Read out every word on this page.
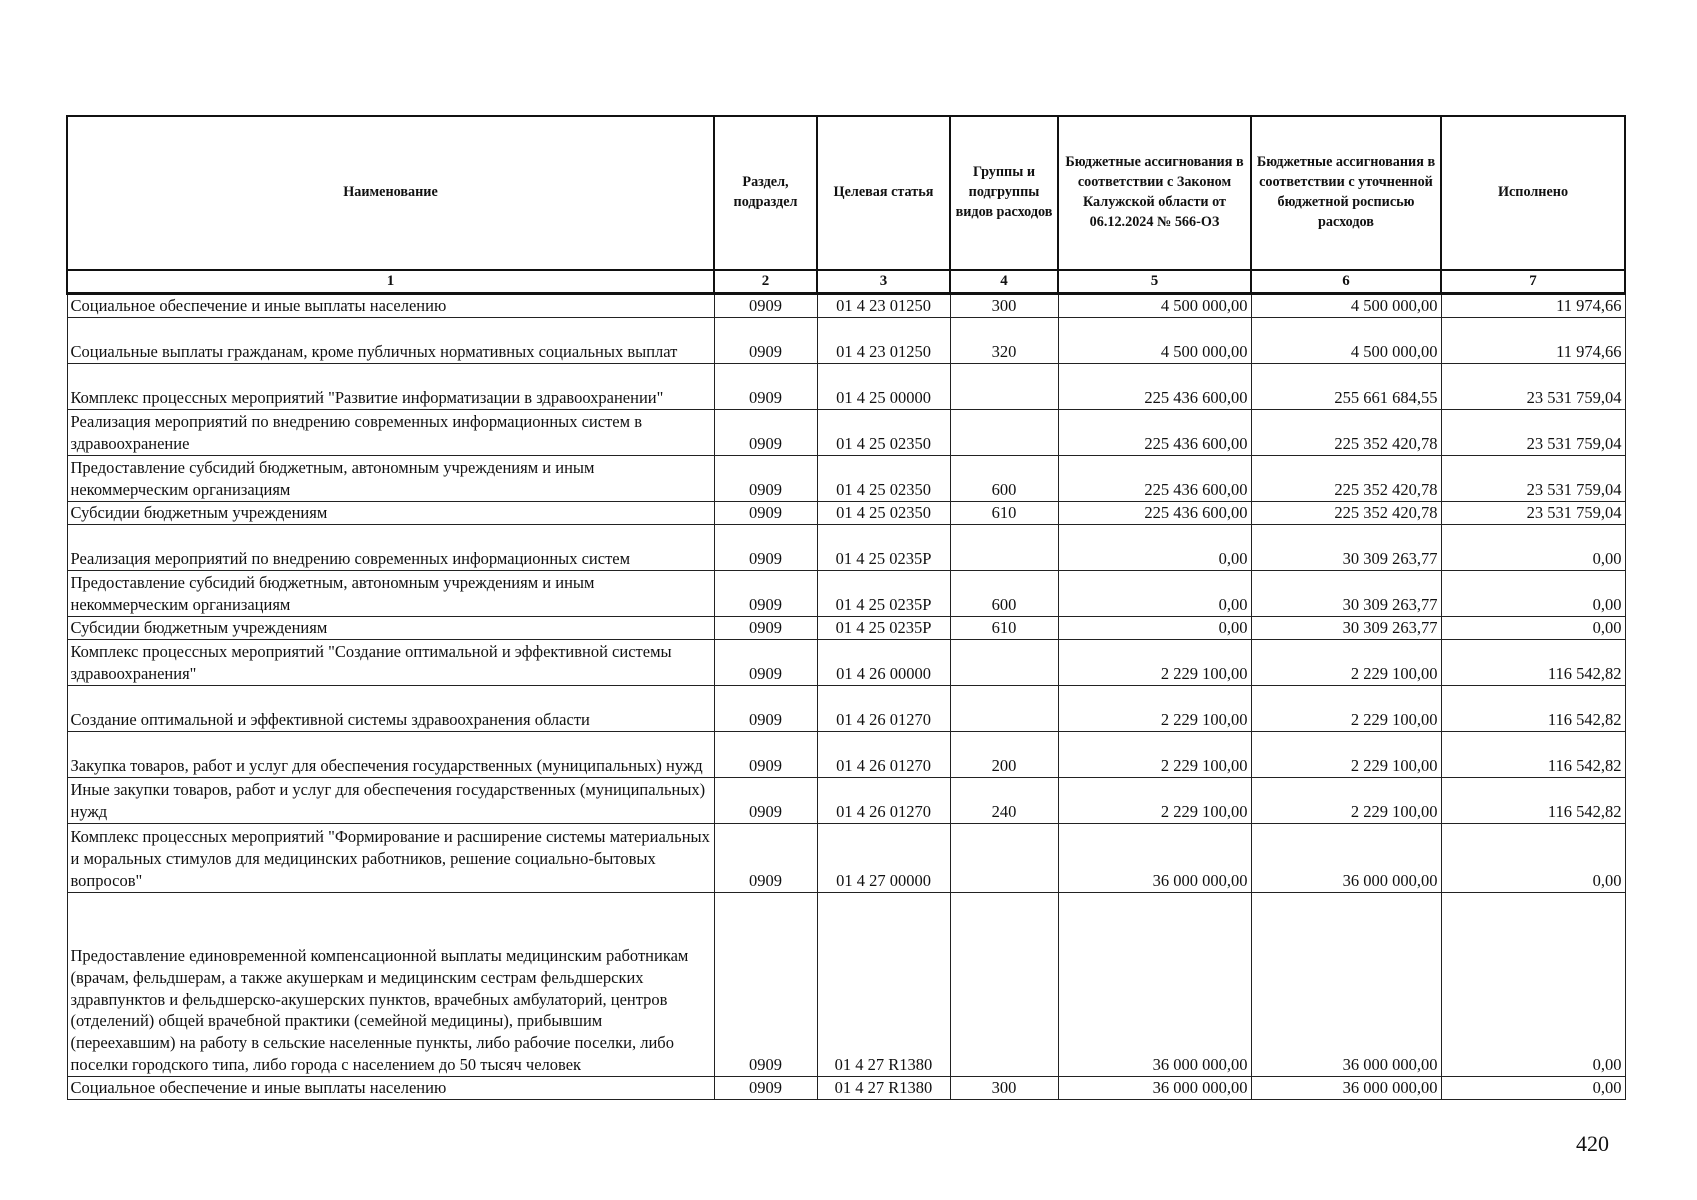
Наименование	Раздел, подраздел	Целевая статья	Группы и подгруппы видов расходов	Бюджетные ассигнования в соответствии с Законом Калужской области от 06.12.2024 № 566-ОЗ	Бюджетные ассигнования в соответствии с уточненной бюджетной росписью расходов	Исполнено
1	2	3	4	5	6	7
Социальное обеспечение и иные выплаты населению	0909	01 4 23 01250	300	4 500 000,00	4 500 000,00	11 974,66
Социальные выплаты гражданам, кроме публичных нормативных социальных выплат	0909	01 4 23 01250	320	4 500 000,00	4 500 000,00	11 974,66
Комплекс процессных мероприятий "Развитие информатизации в здравоохранении"	0909	01 4 25 00000		225 436 600,00	255 661 684,55	23 531 759,04
Реализация мероприятий по внедрению современных информационных систем в здравоохранение	0909	01 4 25 02350		225 436 600,00	225 352 420,78	23 531 759,04
Предоставление субсидий бюджетным, автономным учреждениям и иным некоммерческим организациям	0909	01 4 25 02350	600	225 436 600,00	225 352 420,78	23 531 759,04
Субсидии бюджетным учреждениям	0909	01 4 25 02350	610	225 436 600,00	225 352 420,78	23 531 759,04
Реализация мероприятий по внедрению современных информационных систем	0909	01 4 25 0235P		0,00	30 309 263,77	0,00
Предоставление субсидий бюджетным, автономным учреждениям и иным некоммерческим организациям	0909	01 4 25 0235P	600	0,00	30 309 263,77	0,00
Субсидии бюджетным учреждениям	0909	01 4 25 0235P	610	0,00	30 309 263,77	0,00
Комплекс процессных мероприятий "Создание оптимальной и эффективной системы здравоохранения"	0909	01 4 26 00000		2 229 100,00	2 229 100,00	116 542,82
Создание оптимальной и эффективной системы здравоохранения области	0909	01 4 26 01270		2 229 100,00	2 229 100,00	116 542,82
Закупка товаров, работ и услуг для обеспечения государственных (муниципальных) нужд	0909	01 4 26 01270	200	2 229 100,00	2 229 100,00	116 542,82
Иные закупки товаров, работ и услуг для обеспечения государственных (муниципальных) нужд	0909	01 4 26 01270	240	2 229 100,00	2 229 100,00	116 542,82
Комплекс процессных мероприятий "Формирование и расширение системы материальных и моральных стимулов для медицинских работников, решение социально-бытовых вопросов"	0909	01 4 27 00000		36 000 000,00	36 000 000,00	0,00
Предоставление единовременной компенсационной выплаты медицинским работникам (врачам, фельдшерам, а также акушеркам и медицинским сестрам фельдшерских здравпунктов и фельдшерско-акушерских пунктов, врачебных амбулаторий, центров (отделений) общей врачебной практики (семейной медицины), прибывшим (переехавшим) на работу в сельские населенные пункты, либо рабочие поселки, либо поселки городского типа, либо города с населением до 50 тысяч человек	0909	01 4 27 R1380		36 000 000,00	36 000 000,00	0,00
Социальное обеспечение и иные выплаты населению	0909	01 4 27 R1380	300	36 000 000,00	36 000 000,00	0,00
420
